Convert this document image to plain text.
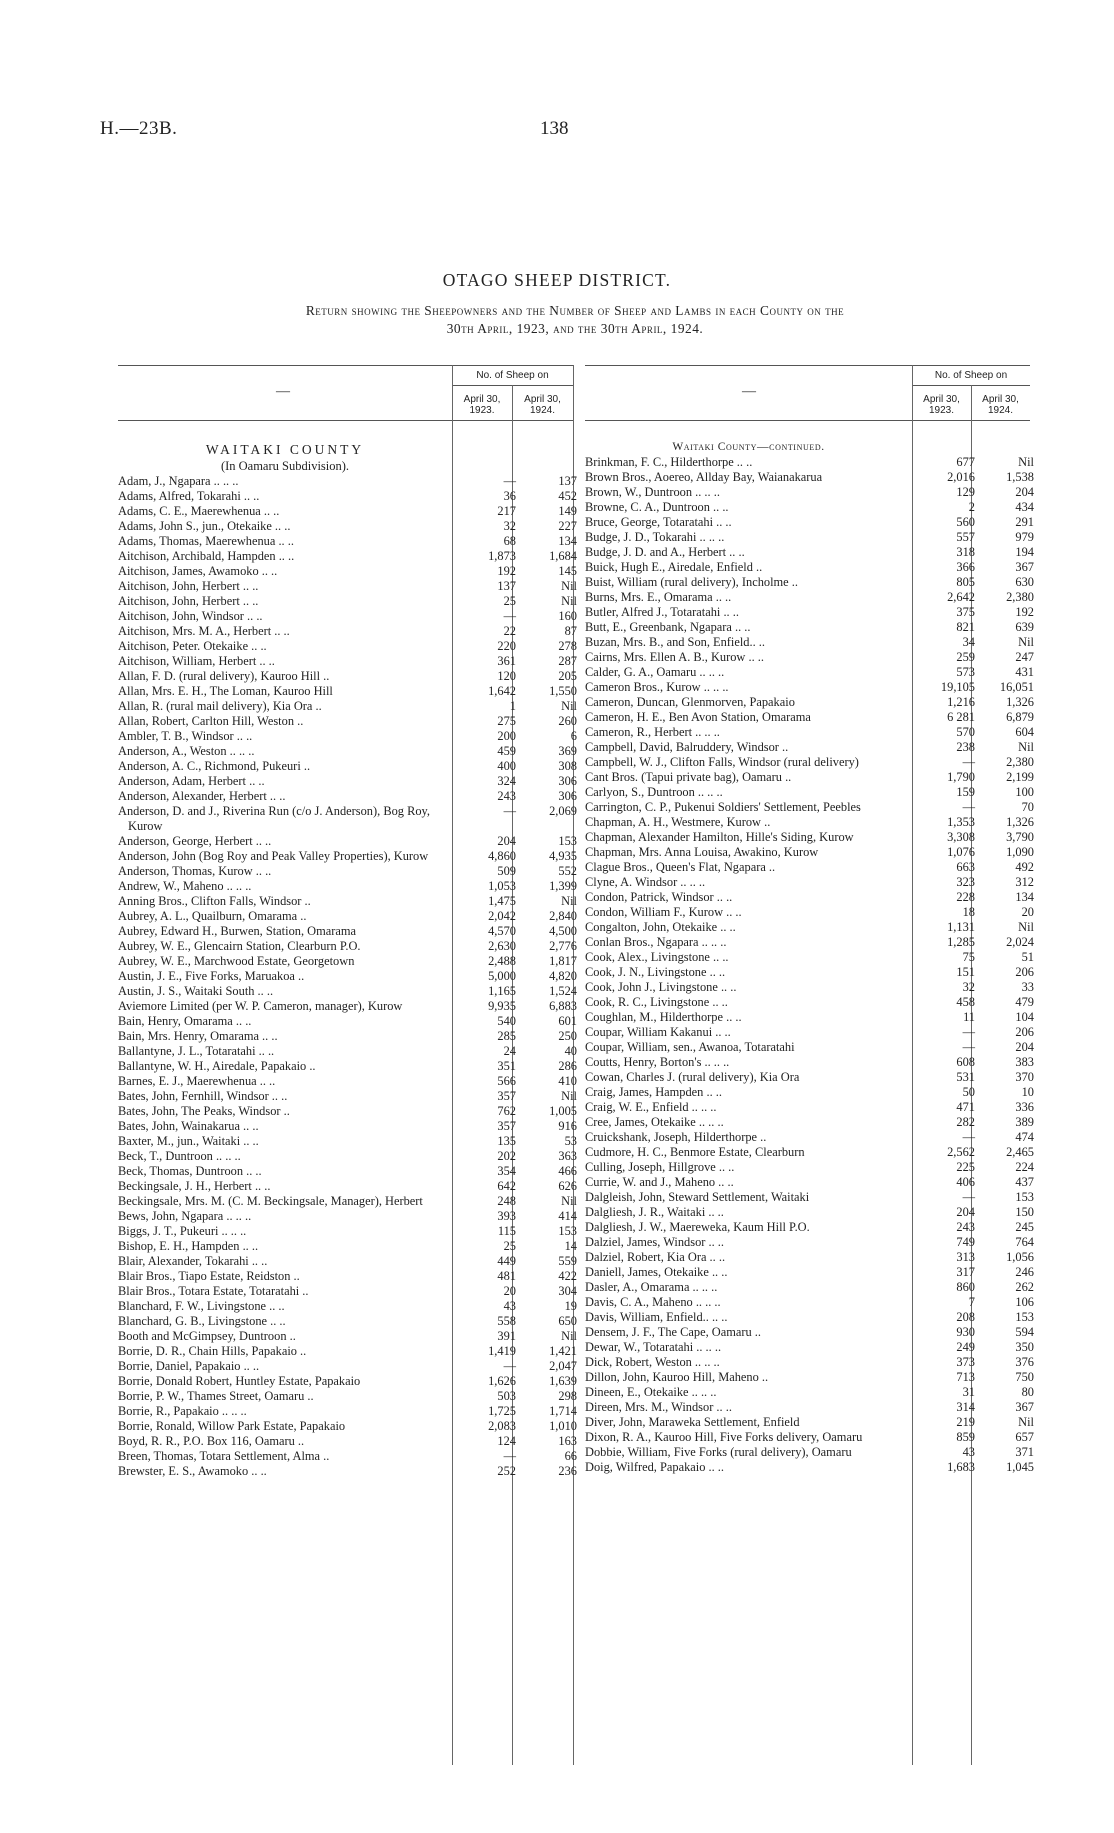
H.—23B.	138
OTAGO SHEEP DISTRICT.
Return showing the Sheepowners and the Number of Sheep and Lambs in each County on the
30th April, 1923, and the 30th April, 1924.
—
No. of Sheep on
April 30, 1923.
April 30, 1924.
—
No. of Sheep on
April 30, 1923.
April 30, 1924.
WAITAKI COUNTY
(In Oamaru Subdivision).
Adam, J., Ngapara .. .. ..	—	137
Adams, Alfred, Tokarahi .. ..	36	452
Adams, C. E., Maerewhenua .. ..	217	149
Adams, John S., jun., Otekaike .. ..	32	227
Adams, Thomas, Maerewhenua .. ..	68	134
Aitchison, Archibald, Hampden .. ..	1,873	1,684
Aitchison, James, Awamoko .. ..	192	145
Aitchison, John, Herbert .. ..	137	Nil
Aitchison, John, Herbert .. ..	25	Nil
Aitchison, John, Windsor .. ..	—	160
Aitchison, Mrs. M. A., Herbert .. ..	22	87
Aitchison, Peter. Otekaike .. ..	220	278
Aitchison, William, Herbert .. ..	361	287
Allan, F. D. (rural delivery), Kauroo Hill ..	120	205
Allan, Mrs. E. H., The Loman, Kauroo Hill	1,642	1,550
Allan, R. (rural mail delivery), Kia Ora ..	1	Nil
Allan, Robert, Carlton Hill, Weston ..	275	260
Ambler, T. B., Windsor .. ..	200	6
Anderson, A., Weston .. .. ..	459	369
Anderson, A. C., Richmond, Pukeuri ..	400	308
Anderson, Adam, Herbert .. ..	324	306
Anderson, Alexander, Herbert .. ..	243	306
Anderson, D. and J., Riverina Run (c/o J. Anderson), Bog Roy, Kurow
—	2,069
Anderson, George, Herbert .. ..	204	153
Anderson, John (Bog Roy and Peak Valley Properties), Kurow	4,860	4,935
Anderson, Thomas, Kurow .. ..	509	552
Andrew, W., Maheno .. .. ..	1,053	1,399
Anning Bros., Clifton Falls, Windsor ..	1,475	Nil
Aubrey, A. L., Quailburn, Omarama ..	2,042	2,840
Aubrey, Edward H., Burwen, Station, Omarama	4,570	4,500
Aubrey, W. E., Glencairn Station, Clearburn P.O.	2,630	2,776
Aubrey, W. E., Marchwood Estate, Georgetown	2,488	1,817
Austin, J. E., Five Forks, Maruakoa ..	5,000	4,820
Austin, J. S., Waitaki South .. ..	1,165	1,524
Aviemore Limited (per W. P. Cameron, manager), Kurow	9,935	6,883
Bain, Henry, Omarama .. ..	540	601
Bain, Mrs. Henry, Omarama .. ..	285	250
Ballantyne, J. L., Totaratahi .. ..	24	40
Ballantyne, W. H., Airedale, Papakaio ..	351	286
Barnes, E. J., Maerewhenua .. ..	566	410
Bates, John, Fernhill, Windsor .. ..	357	Nil
Bates, John, The Peaks, Windsor ..	762	1,005
Bates, John, Wainakarua .. ..	357	916
Baxter, M., jun., Waitaki .. ..	135	53
Beck, T., Duntroon .. .. ..	202	363
Beck, Thomas, Duntroon .. ..	354	466
Beckingsale, J. H., Herbert .. ..	642	626
Beckingsale, Mrs. M. (C. M. Beckingsale, Manager), Herbert	248	Nil
Bews, John, Ngapara .. .. ..	393	414
Biggs, J. T., Pukeuri .. .. ..	115	153
Bishop, E. H., Hampden .. ..	25	14
Blair, Alexander, Tokarahi .. ..	449	559
Blair Bros., Tiapo Estate, Reidston ..	481	422
Blair Bros., Totara Estate, Totaratahi ..	20	304
Blanchard, F. W., Livingstone .. ..	43	19
Blanchard, G. B., Livingstone .. ..	558	650
Booth and McGimpsey, Duntroon ..	391	Nil
Borrie, D. R., Chain Hills, Papakaio ..	1,419	1,421
Borrie, Daniel, Papakaio .. ..	—	2,047
Borrie, Donald Robert, Huntley Estate, Papakaio	1,626	1,639
Borrie, P. W., Thames Street, Oamaru ..	503	298
Borrie, R., Papakaio .. .. ..	1,725	1,714
Borrie, Ronald, Willow Park Estate, Papakaio	2,083	1,010
Boyd, R. R., P.O. Box 116, Oamaru ..	124	163
Breen, Thomas, Totara Settlement, Alma ..	—	66
Brewster, E. S., Awamoko .. ..	252	236
Waitaki County—continued.
Brinkman, F. C., Hilderthorpe .. ..	677	Nil
Brown Bros., Aoereo, Allday Bay, Waianakarua	2,016	1,538
Brown, W., Duntroon .. .. ..	129	204
Browne, C. A., Duntroon .. ..	2	434
Bruce, George, Totaratahi .. ..	560	291
Budge, J. D., Tokarahi .. .. ..	557	979
Budge, J. D. and A., Herbert .. ..	318	194
Buick, Hugh E., Airedale, Enfield ..	366	367
Buist, William (rural delivery), Incholme ..	805	630
Burns, Mrs. E., Omarama .. ..	2,642	2,380
Butler, Alfred J., Totaratahi .. ..	375	192
Butt, E., Greenbank, Ngapara .. ..	821	639
Buzan, Mrs. B., and Son, Enfield.. ..	34	Nil
Cairns, Mrs. Ellen A. B., Kurow .. ..	259	247
Calder, G. A., Oamaru .. .. ..	573	431
Cameron Bros., Kurow .. .. ..	19,105	16,051
Cameron, Duncan, Glenmorven, Papakaio	1,216	1,326
Cameron, H. E., Ben Avon Station, Omarama	6 281	6,879
Cameron, R., Herbert .. .. ..	570	604
Campbell, David, Balruddery, Windsor ..	238	Nil
Campbell, W. J., Clifton Falls, Windsor (rural delivery)	—	2,380
Cant Bros. (Tapui private bag), Oamaru ..	1,790	2,199
Carlyon, S., Duntroon .. .. ..	159	100
Carrington, C. P., Pukenui Soldiers' Settlement, Peebles	—	70
Chapman, A. H., Westmere, Kurow ..	1,353	1,326
Chapman, Alexander Hamilton, Hille's Siding, Kurow	3,308	3,790
Chapman, Mrs. Anna Louisa, Awakino, Kurow	1,076	1,090
Clague Bros., Queen's Flat, Ngapara ..	663	492
Clyne, A. Windsor .. .. ..	323	312
Condon, Patrick, Windsor .. ..	228	134
Condon, William F., Kurow .. ..	18	20
Congalton, John, Otekaike .. ..	1,131	Nil
Conlan Bros., Ngapara .. .. ..	1,285	2,024
Cook, Alex., Livingstone .. ..	75	51
Cook, J. N., Livingstone .. ..	151	206
Cook, John J., Livingstone .. ..	32	33
Cook, R. C., Livingstone .. ..	458	479
Coughlan, M., Hilderthorpe .. ..	11	104
Coupar, William Kakanui .. ..	—	206
Coupar, William, sen., Awanoa, Totaratahi	—	204
Coutts, Henry, Borton's .. .. ..	608	383
Cowan, Charles J. (rural delivery), Kia Ora	531	370
Craig, James, Hampden .. ..	50	10
Craig, W. E., Enfield .. .. ..	471	336
Cree, James, Otekaike .. .. ..	282	389
Cruickshank, Joseph, Hilderthorpe ..	—	474
Cudmore, H. C., Benmore Estate, Clearburn	2,562	2,465
Culling, Joseph, Hillgrove .. ..	225	224
Currie, W. and J., Maheno .. ..	406	437
Dalgleish, John, Steward Settlement, Waitaki	—	153
Dalgliesh, J. R., Waitaki .. ..	204	150
Dalgliesh, J. W., Maereweka, Kaum Hill P.O.	243	245
Dalziel, James, Windsor .. ..	749	764
Dalziel, Robert, Kia Ora .. ..	313	1,056
Daniell, James, Otekaike .. ..	317	246
Dasler, A., Omarama .. .. ..	860	262
Davis, C. A., Maheno .. .. ..	7	106
Davis, William, Enfield.. .. ..	208	153
Densem, J. F., The Cape, Oamaru ..	930	594
Dewar, W., Totaratahi .. .. ..	249	350
Dick, Robert, Weston .. .. ..	373	376
Dillon, John, Kauroo Hill, Maheno ..	713	750
Dineen, E., Otekaike .. .. ..	31	80
Direen, Mrs. M., Windsor .. ..	314	367
Diver, John, Maraweka Settlement, Enfield	219	Nil
Dixon, R. A., Kauroo Hill, Five Forks delivery, Oamaru	859	657
Dobbie, William, Five Forks (rural delivery), Oamaru	43	371
Doig, Wilfred, Papakaio .. ..	1,683	1,045
